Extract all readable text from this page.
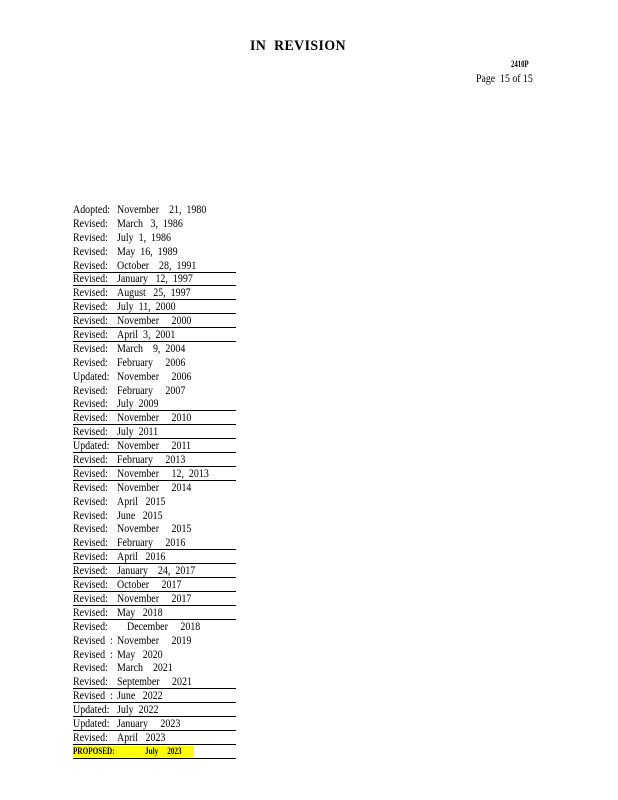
IN  REVISION
2410P
Page  15 of 15
Adopted: November    21,  1980
Revised: March   3,  1986
Revised: July  1,  1986
Revised: May  16,  1989
Revised: October    28,  1991
Revised: January   12,  1997
Revised: August   25,  1997
Revised: July  11,  2000
Revised: November     2000
Revised: April  3,  2001
Revised: March    9,  2004
Revised: February     2006
Updated: November     2006
Revised: February     2007
Revised: July  2009
Revised: November     2010
Revised: July  2011
Updated: November     2011
Revised: February     2013
Revised: November     12,  2013
Revised: November     2014
Revised: April   2015
Revised: June   2015
Revised: November     2015
Revised: February     2016
Revised: April   2016
Revised: January    24,  2017
Revised: October     2017
Revised: November     2017
Revised: May   2018
Revised: December     2018
Revised  : November     2019
Revised  : May   2020
Revised: March    2021
Revised: September     2021
Revised  : June   2022
Updated: July  2022
Updated: January     2023
Revised: April   2023
PROPOSED:	July     2023
